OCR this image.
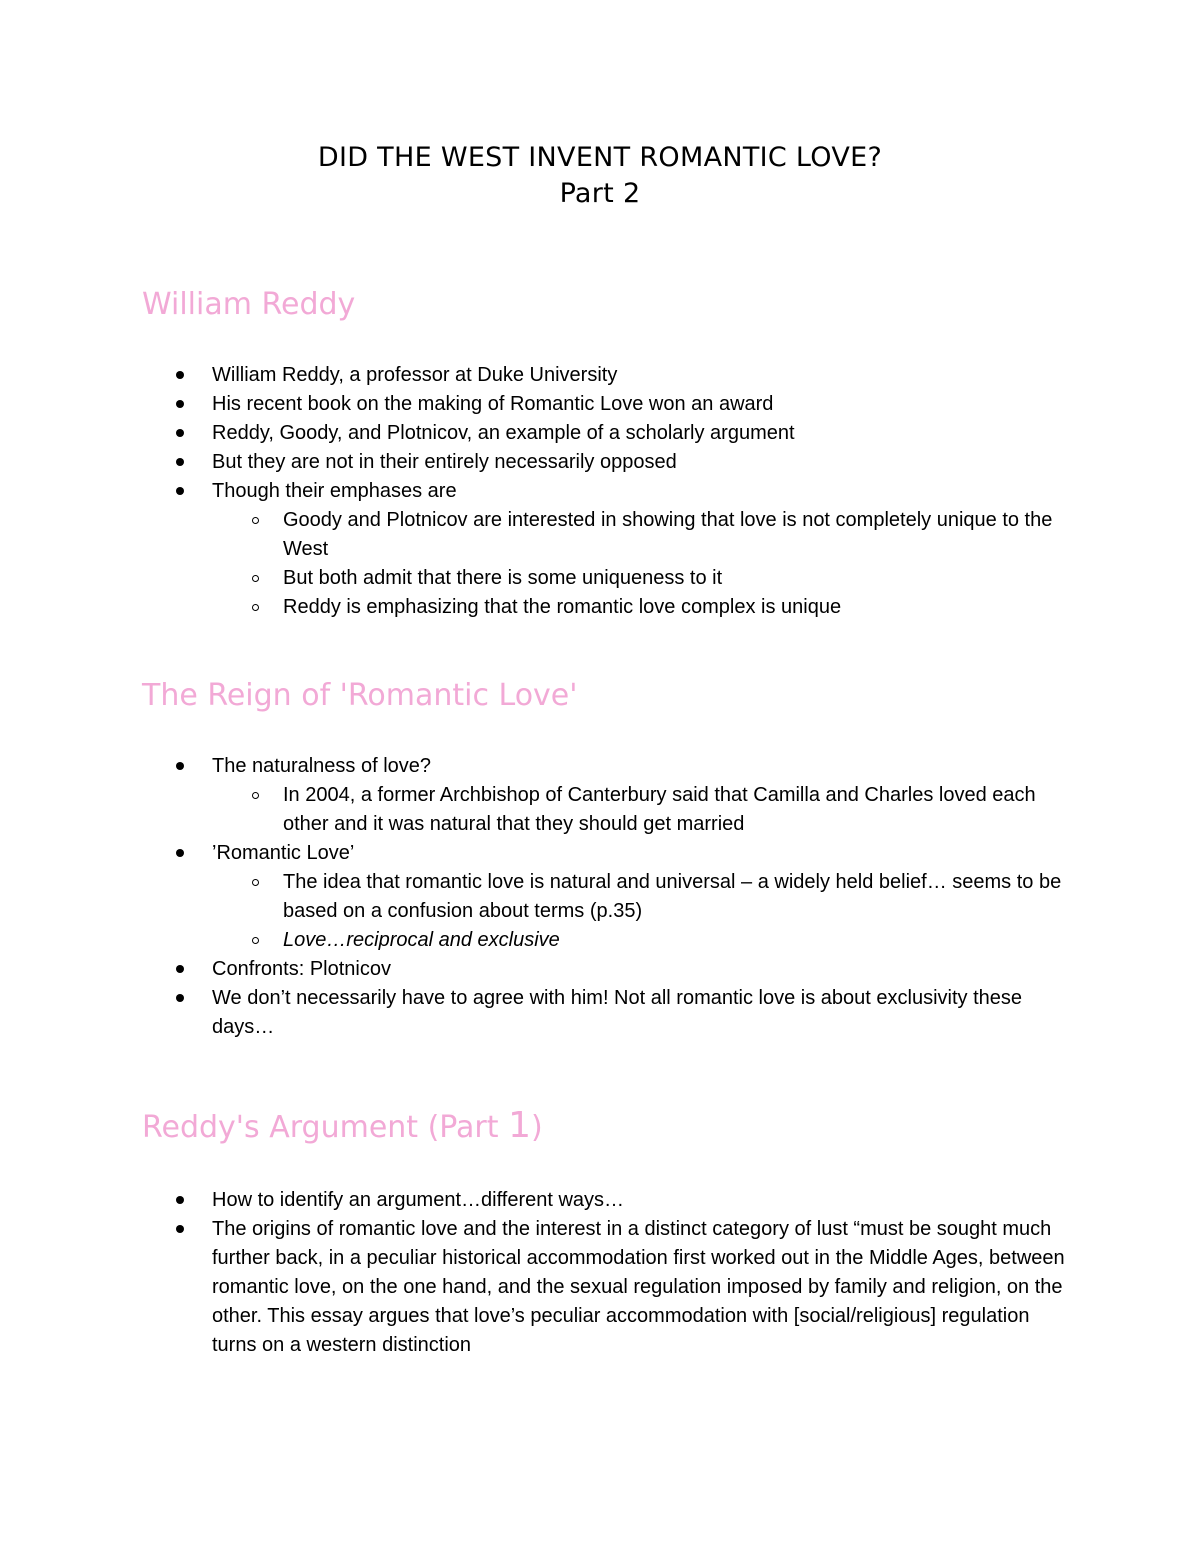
DID THE WEST INVENT ROMANTIC LOVE?
Part 2
William Reddy
William Reddy, a professor at Duke University
His recent book on the making of Romantic Love won an award
Reddy, Goody, and Plotnicov, an example of a scholarly argument
But they are not in their entirely necessarily opposed
Though their emphases are
Goody and Plotnicov are interested in showing that love is not completely unique to the West
But both admit that there is some uniqueness to it
Reddy is emphasizing that the romantic love complex is unique
The Reign of 'Romantic Love'
The naturalness of love?
In 2004, a former Archbishop of Canterbury said that Camilla and Charles loved each other and it was natural that they should get married
’Romantic Love’
The idea that romantic love is natural and universal – a widely held belief… seems to be based on a confusion about terms (p.35)
Love…reciprocal and exclusive
Confronts: Plotnicov
We don’t necessarily have to agree with him! Not all romantic love is about exclusivity these days…
Reddy's Argument (Part 1)
How to identify an argument…different ways…
The origins of romantic love and the interest in a distinct category of lust “must be sought much further back, in a peculiar historical accommodation first worked out in the Middle Ages, between romantic love, on the one hand, and the sexual regulation imposed by family and religion, on the other. This essay argues that love’s peculiar accommodation with [social/religious] regulation turns on a western distinction
